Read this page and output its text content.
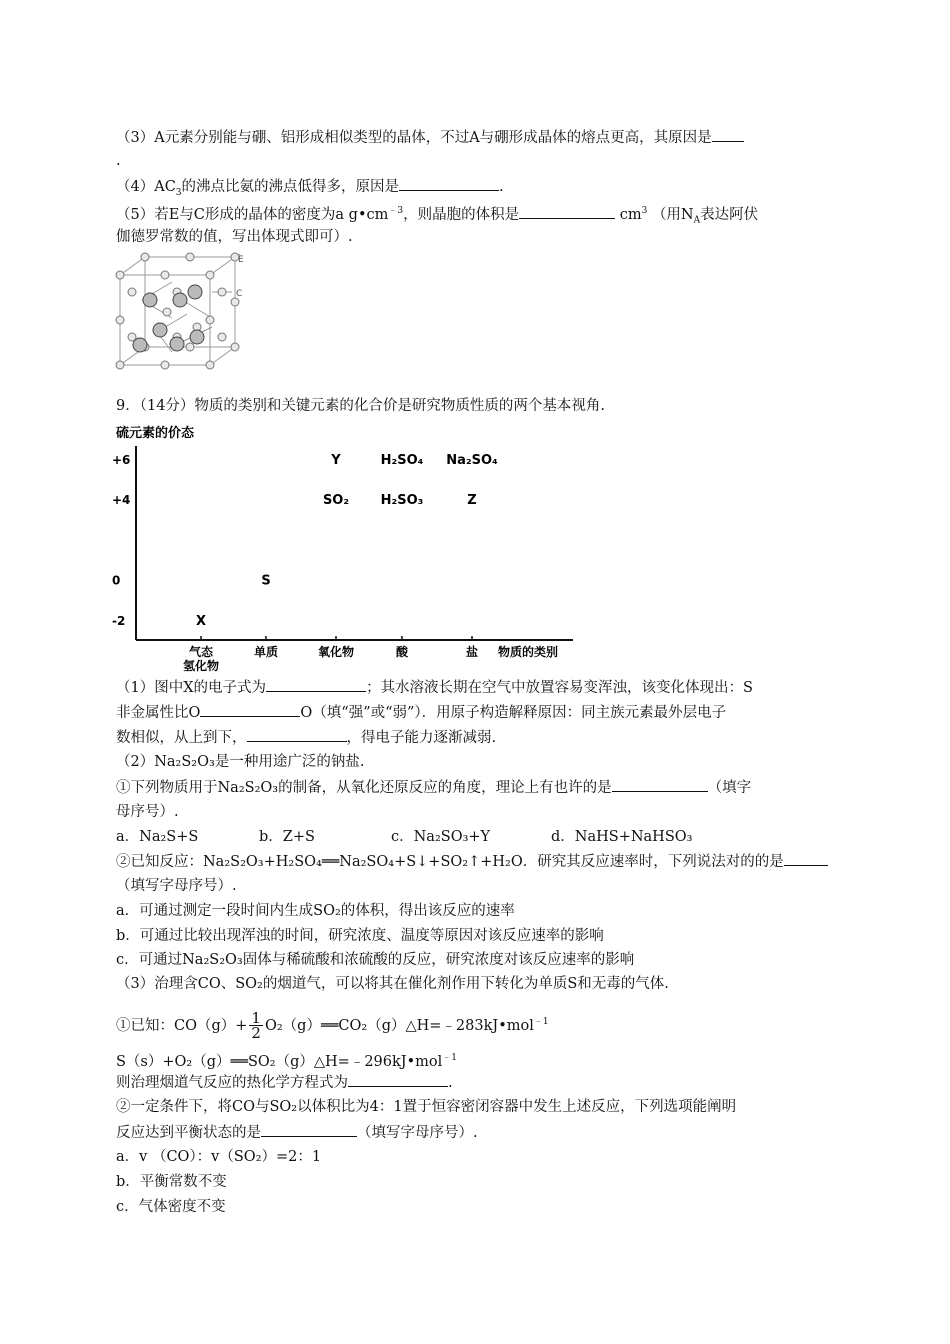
（3）A元素分别能与硼、铝形成相似类型的晶体，不过A与硼形成晶体的熔点更高，其原因是
.
$(4)AC_3$的沸点比氨的沸点低得多，原因是	.
（5）若E与C形成的晶体的密度为a $g•cm^{﹣3}$，则晶胞的体积是	$cm^3$ （用$N_A$表达阿伏
伽德罗常数的值，写出体现式即可）.
E
C
9．（14分）物质的类别和关键元素的化合价是研究物质性质的两个基本视角.
硫元素的价态
+6
+4
0
-2
气态
氢化物
单质	氧化物	酸	盐 物质的类别
X
S
Y
SO₂
H₂SO₄
H₂SO₃
Na₂SO₄
Z
（1）图中X的电子式为	；其水溶液长期在空气中放置容易变浑浊，该变化体现出：S
非金属性比O	O（填“强”或“弱”）．用原子构造解释原因：同主族元素最外层电子
数相似，从上到下，	，得电子能力逐渐减弱.
（2）Na₂S₂O₃是一种用途广泛的钠盐.
①下列物质用于Na₂S₂O₃的制备，从氧化还原反应的角度，理论上有也许的是	（填字
母序号）.
a．Na₂S+S	b．Z+S	c．Na₂SO₃+Y	d．NaHS+NaHSO₃
②已知反应：Na₂S₂O₃+H₂SO₄══Na₂SO₄+S↓+SO₂↑+H₂O．研究其反应速率时，下列说法对的的是
（填写字母序号）.
a．可通过测定一段时间内生成SO₂的体积，得出该反应的速率
b．可通过比较出现浑浊的时间，研究浓度、温度等原因对该反应速率的影响
c．可通过Na₂S₂O₃固体与稀硫酸和浓硫酸的反应，研究浓度对该反应速率的影响
（3）治理含CO、SO₂的烟道气，可以将其在催化剂作用下转化为单质S和无毒的气体.
①已知：$CO(g)+ \frac{1}{2}$ O₂（g）══CO₂（g）△H=﹣283kJ•mol$^{﹣1}$
S（s）+O₂（g）══SO₂（g）△H=﹣296kJ•mol$^{﹣1}$
则治理烟道气反应的热化学方程式为	.
②一定条件下，将CO与SO₂以体积比为4：1置于恒容密闭容器中发生上述反应，下列选项能阐明
反应达到平衡状态的是	（填写字母序号）.
a．v （CO）：v（SO₂）=2：1
b．平衡常数不变
c．气体密度不变
